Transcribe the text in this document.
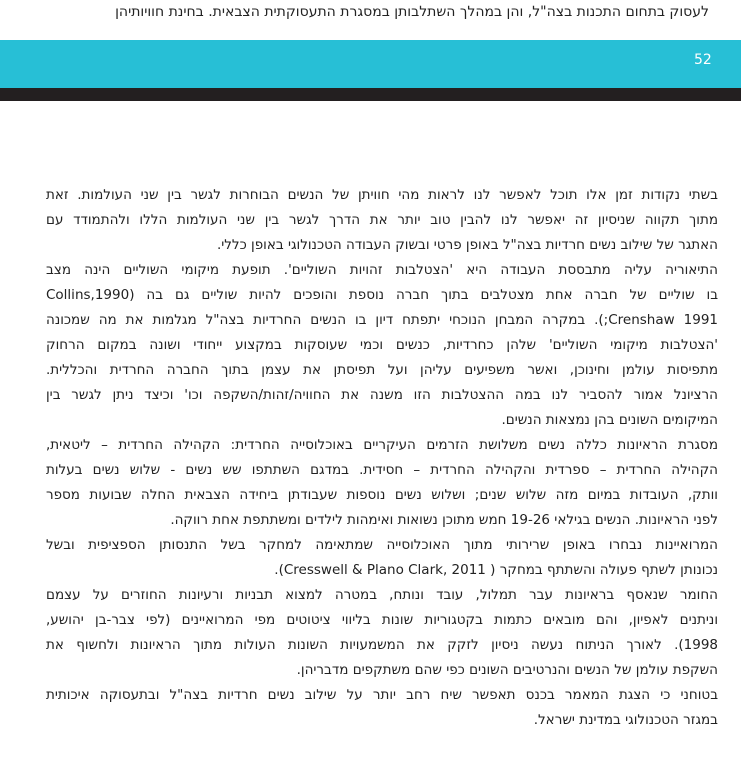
לעסוק בתחום התכנות בצה"ל, והן במהלך השתלבותן במסגרת התעסוקתית הצבאית. בחינת חוויותיהן

52

בשתי נקודות זמן אלו תוכל לאפשר לנו לראות מהי חוויתן של הנשים הבוחרות לגשר בין שני העולמות. זאת
מתוך תקווה שניסיון זה יאפשר לנו להבין טוב יותר את הדרך לגשר בין שני העולמות הללו ולהתמודד עם
האתגר של שילוב נשים חרדיות בצה"ל באופן פרטי ובשוק העבודה הטכנולוגי באופן כללי.

התיאוריה עליה מתבססת העבודה היא 'הצטלבות זהויות השוליים'. תופעת מיקומי השוליים הינה מצב
בו שוליים של חברה אחת מצטלבים בתוך חברה נוספת והופכים להיות שוליים גם בה (Collins,1990
Crenshaw 1991;). במקרה המבחן הנוכחי יתפתח דיון בו הנשים החרדיות בצה"ל מגלמות את מה שמכונה
'הצטלבות מיקומי השוליים' שלהן כחרדיות, כנשים וכמי שעוסקות במקצוע ייחודי ושונה במקום הרחוק
מתפיסות עולמן וחינוכן, ואשר משפיעים עליהן ועל תפיסתן את עצמן בתוך החברה החרדית והכללית.
הרציונל אמור להסביר לנו במה ההצטלבות הזו משנה את החוויה/זהות/השקפה וכו' וכיצד ניתן לגשר בין
המיקומים השונים בהן נמצאות הנשים.

מסגרת הראיונות כללה נשים משלושת הזרמים העיקריים באוכלוסייה החרדית: הקהילה החרדית – ליטאית,
הקהילה החרדית – ספרדית והקהילה החרדית – חסידית. במדגם השתתפו שש נשים - שלוש נשים בעלות
וותק, העובדות במיום מזה שלוש שנים; ושלוש נשים נוספות שעבודתן ביחידה הצבאית החלה שבועות מספר
לפני הראיונות. הנשים בגילאי 19-26 חמש מתוכן נשואות ואימהות לילדים ומשתתפת אחת רווקה.

המרואיינות נבחרו באופן שרירותי מתוך האוכלוסייה שמתאימה למחקר בשל התנסותן הספציפית ובשל
נכונותן לשתף פעולה והשתתף במחקר ( Cresswell & Plano Clark, 2011).

החומר שנאסף בראיונות עבר תמלול, עובד ונותח, במטרה למצוא תבניות ורעיונות החוזרים על עצמם
וניתנים לאפיון, והם מובאים כתמות בקטגוריות שונות בליווי ציטוטים מפי המרואיינים (לפי צבר-בן יהושע,
1998). לאורך הניתוח נעשה ניסיון לזקק את המשמעויות השונות העולות מתוך הראיונות ולחשוף את
השקפת עולמן של הנשים והנרטיבים השונים כפי שהם משתקפים מדבריהן.

בטוחני כי הצגת המאמר בכנס תאפשר שיח רחב יותר על שילוב נשים חרדיות בצה"ל ובתעסוקה איכותית
במגזר הטכנולוגי במדינת ישראל.
